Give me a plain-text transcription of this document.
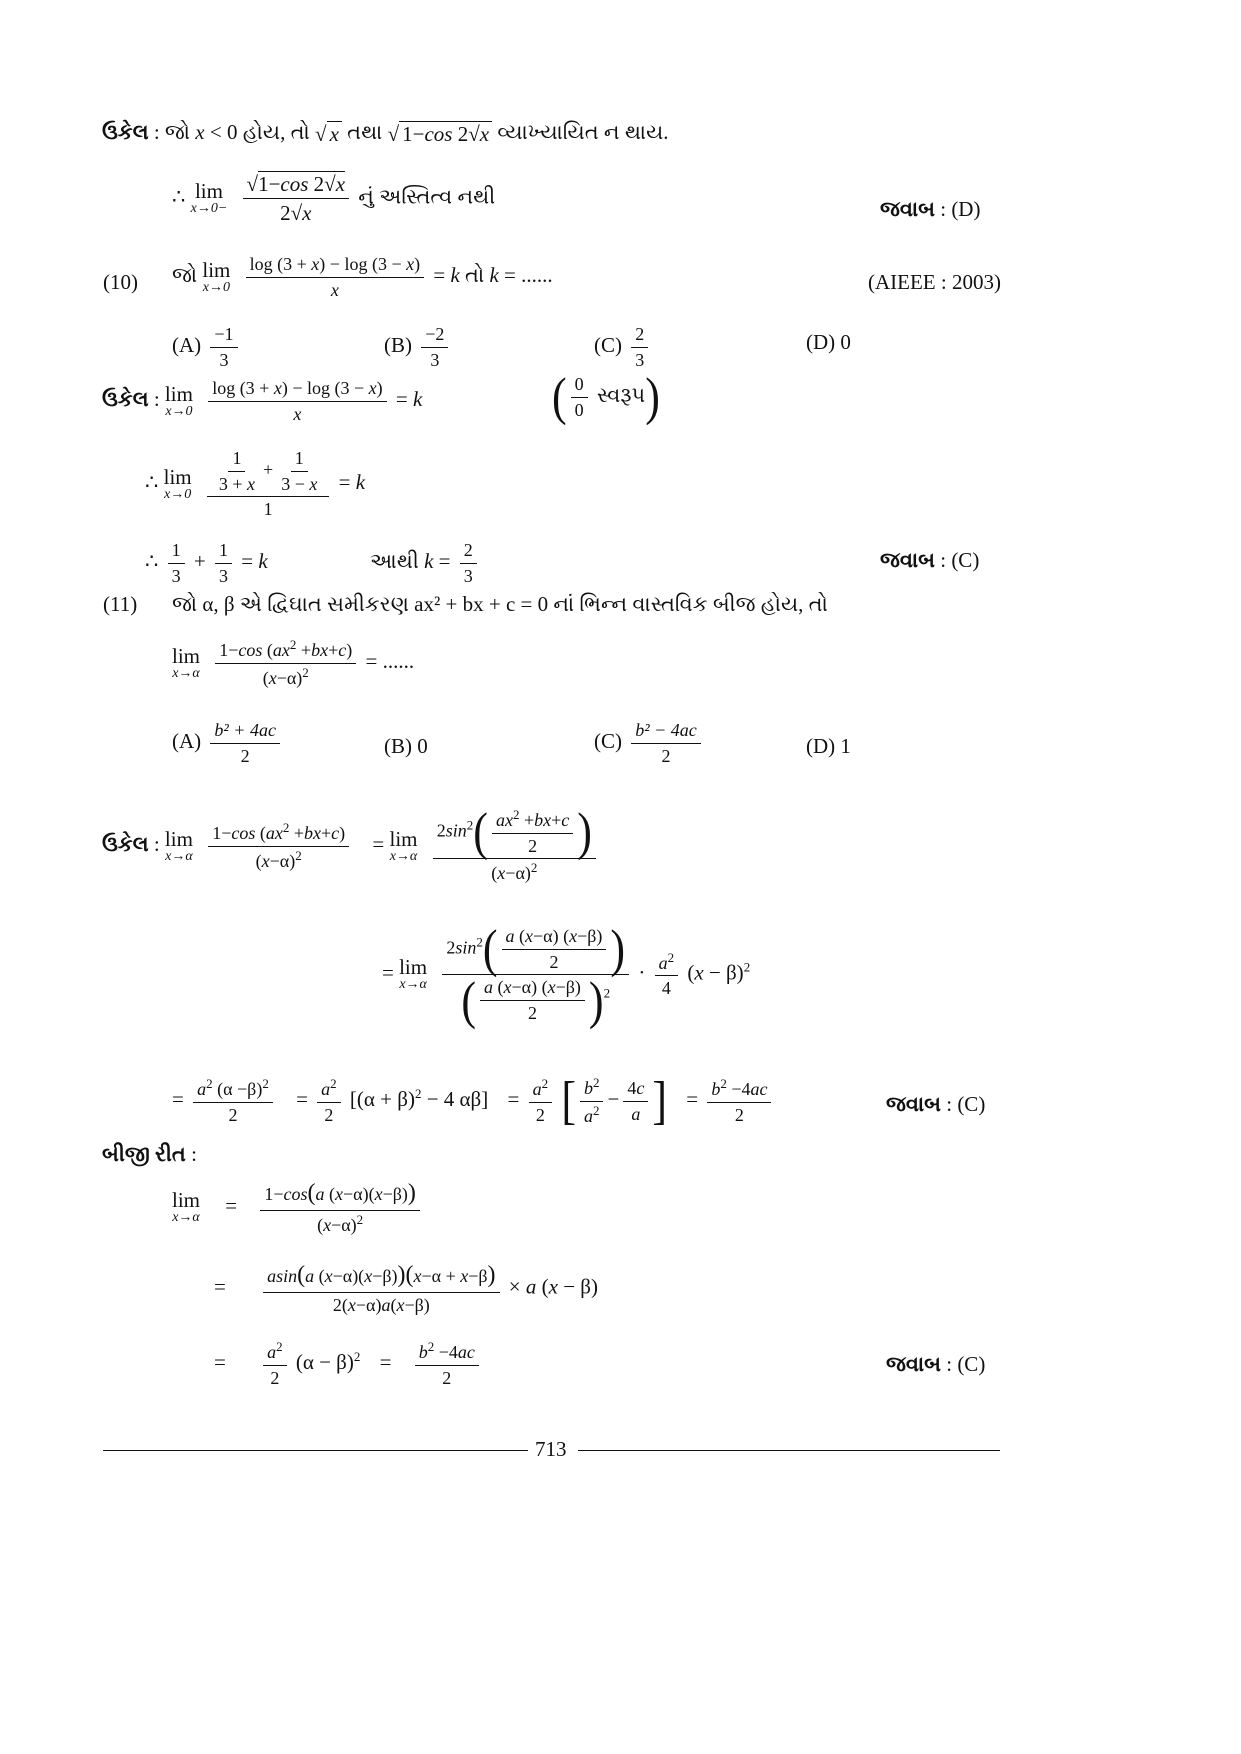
ઉકેલ : જો x < 0 હોય, તો √ x તથા √ 1−cos 2√x વ્યાખ્યાયિત ન થાય.
∴ lim
x→0−
$\frac{√1-\cos 2√x}{2√x}$ નું અસ્તિત્વ નથી
જવાબ : (D)
(10) જો lim
x→0
$\frac{\log (3 + x) - \log (3 - x)}{x} = k$ તો k = ......	(AIEEE : 2003)
$(A) \frac{-1}{3}$	$(B) \frac{-2}{3}$	$(C) \frac{2}{3}$	(D) 0
ઉકેલ : lim
x→0
$\frac{\log (3 + x) - \log (3 - x)}{x} = k$	( $\frac{0}{0}$ સ્વરૂપ)
∴ lim
x→0
$\frac{\frac{1}{3 + x} + \frac{1}{3 - x}}{1} = k$
∴ $\frac{1}{3} + \frac{1}{3} = k$	આથી $k = \frac{2}{3}$	જવાબ : (C)
(11) જો α, β એ દ્વિઘાત સમીકરણ ax² + bx + c = 0 નાં ભિન્ન વાસ્તવિક બીજ હોય, તો
lim
x→α
$\frac{1-\cos (ax^2 +bx+c)}{(x-\alpha)^2}$ = ......
$(A) \frac{\text{b² + 4ac}}{2}$	(B) 0	$(C) \frac{\text{b² − 4ac}}{2}$	(D) 1
ઉકેલ : lim
x→α
$\frac{1-\cos (ax^2 +bx+c)}{(x-\alpha)^2} = \lim$
x→α
$\frac{2\sin^2( \frac{ax^2 +bx+c}{2} )}{(x-\alpha)^2}$
= lim
x→α
$\frac{2\sin^2( \frac{a (x-\alpha) (x-\beta)}{2} )}{( \frac{a (x-\alpha) (x-\beta)}{2} )^2} \cdot \frac{a^2}{4} (x - \beta)^2$
= $\frac{a^2 (\alpha -\beta)^2}{2} = \frac{a^2}{2} [(\alpha + \beta)^2 - 4$ $\alpha\beta] = \frac{a^2}{2}$ [ $\frac{b^2}{a^2} - \frac{4c}{a}$ ] = $\frac{b^2 -4ac}{2}$	જવાબ : (C)
બીજી રીત :
lim
x→α
= $\frac{1-\cos(a (x-\alpha)(x-\beta))}{(x-\alpha)^2}$
= $\frac{asin(a (x-\alpha)(x-\beta))(x-\alpha + x-\beta)}{2(x-\alpha)a(x-\beta)} \times a$ (x − β)
= $\frac{a^2}{2} (\alpha - \beta)^2 = \frac{b^2 -4ac}{2}$	જવાબ : (C)
713
